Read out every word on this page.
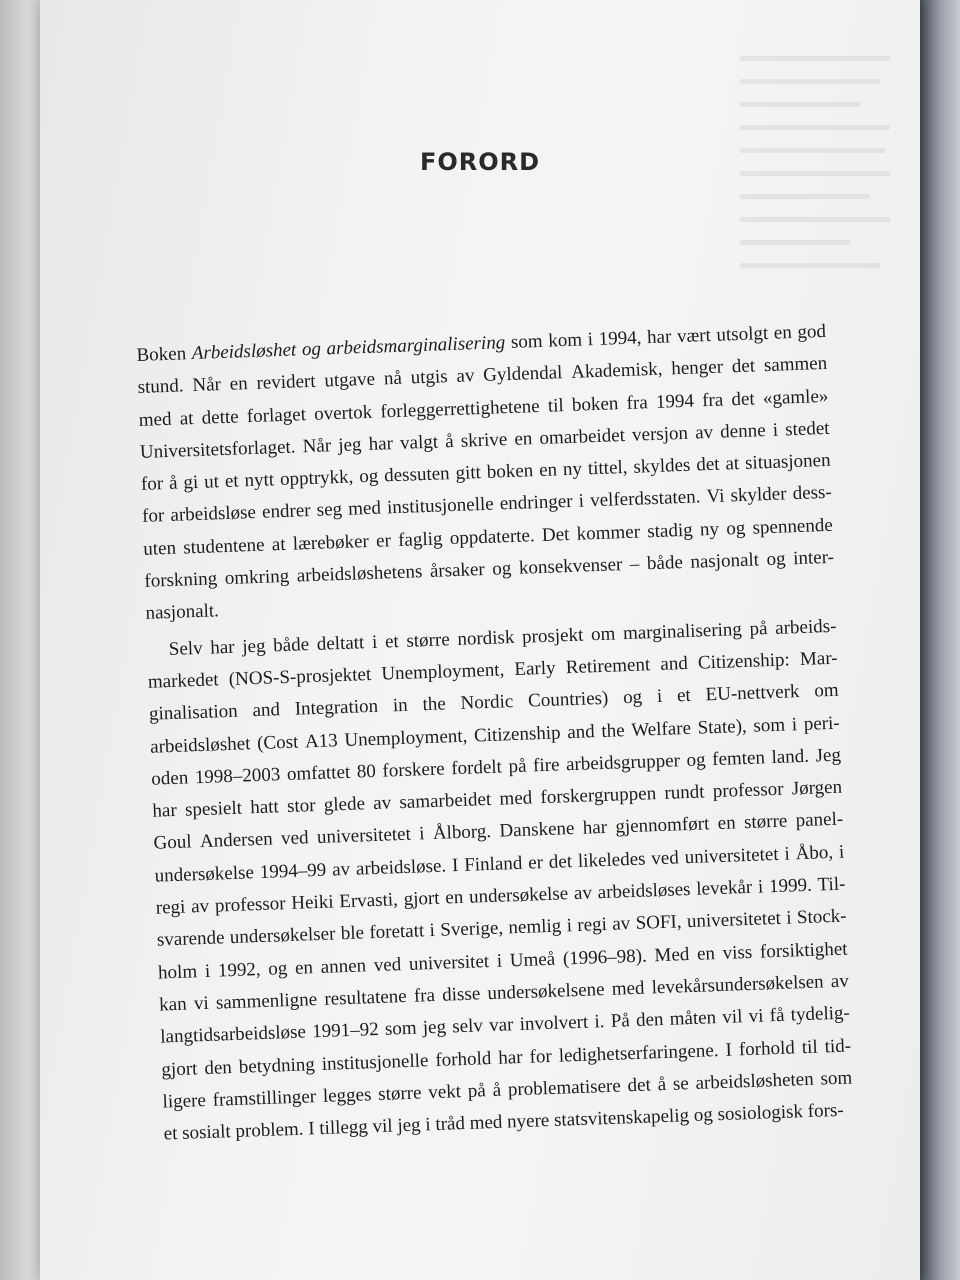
FORORD
Boken Arbeidsløshet og arbeidsmarginalisering som kom i 1994, har vært utsolgt en god
stund. Når en revidert utgave nå utgis av Gyldendal Akademisk, henger det sammen
med at dette forlaget overtok forleggerrettighetene til boken fra 1994 fra det «gamle»
Universitetsforlaget. Når jeg har valgt å skrive en omarbeidet versjon av denne i stedet
for å gi ut et nytt opptrykk, og dessuten gitt boken en ny tittel, skyldes det at situasjonen
for arbeidsløse endrer seg med institusjonelle endringer i velferdsstaten. Vi skylder dess-
uten studentene at lærebøker er faglig oppdaterte. Det kommer stadig ny og spennende
forskning omkring arbeidsløshetens årsaker og konsekvenser – både nasjonalt og inter-
nasjonalt.
Selv har jeg både deltatt i et større nordisk prosjekt om marginalisering på arbeids-
markedet (NOS-S-prosjektet Unemployment, Early Retirement and Citizenship: Mar-
ginalisation and Integration in the Nordic Countries) og i et EU-nettverk om
arbeidsløshet (Cost A13 Unemployment, Citizenship and the Welfare State), som i peri-
oden 1998–2003 omfattet 80 forskere fordelt på fire arbeidsgrupper og femten land. Jeg
har spesielt hatt stor glede av samarbeidet med forskergruppen rundt professor Jørgen
Goul Andersen ved universitetet i Ålborg. Danskene har gjennomført en større panel-
undersøkelse 1994–99 av arbeidsløse. I Finland er det likeledes ved universitetet i Åbo, i
regi av professor Heiki Ervasti, gjort en undersøkelse av arbeidsløses levekår i 1999. Til-
svarende undersøkelser ble foretatt i Sverige, nemlig i regi av SOFI, universitetet i Stock-
holm i 1992, og en annen ved universitet i Umeå (1996–98). Med en viss forsiktighet
kan vi sammenligne resultatene fra disse undersøkelsene med levekårsundersøkelsen av
langtidsarbeidsløse 1991–92 som jeg selv var involvert i. På den måten vil vi få tydelig-
gjort den betydning institusjonelle forhold har for ledighetserfaringene. I forhold til tid-
ligere framstillinger legges større vekt på å problematisere det å se arbeidsløsheten som
et
sosialt
problem.
I
tillegg
vil
jeg
i
tråd
med
nyere
statsvitenskapelig
og
sosiologisk
fors-
